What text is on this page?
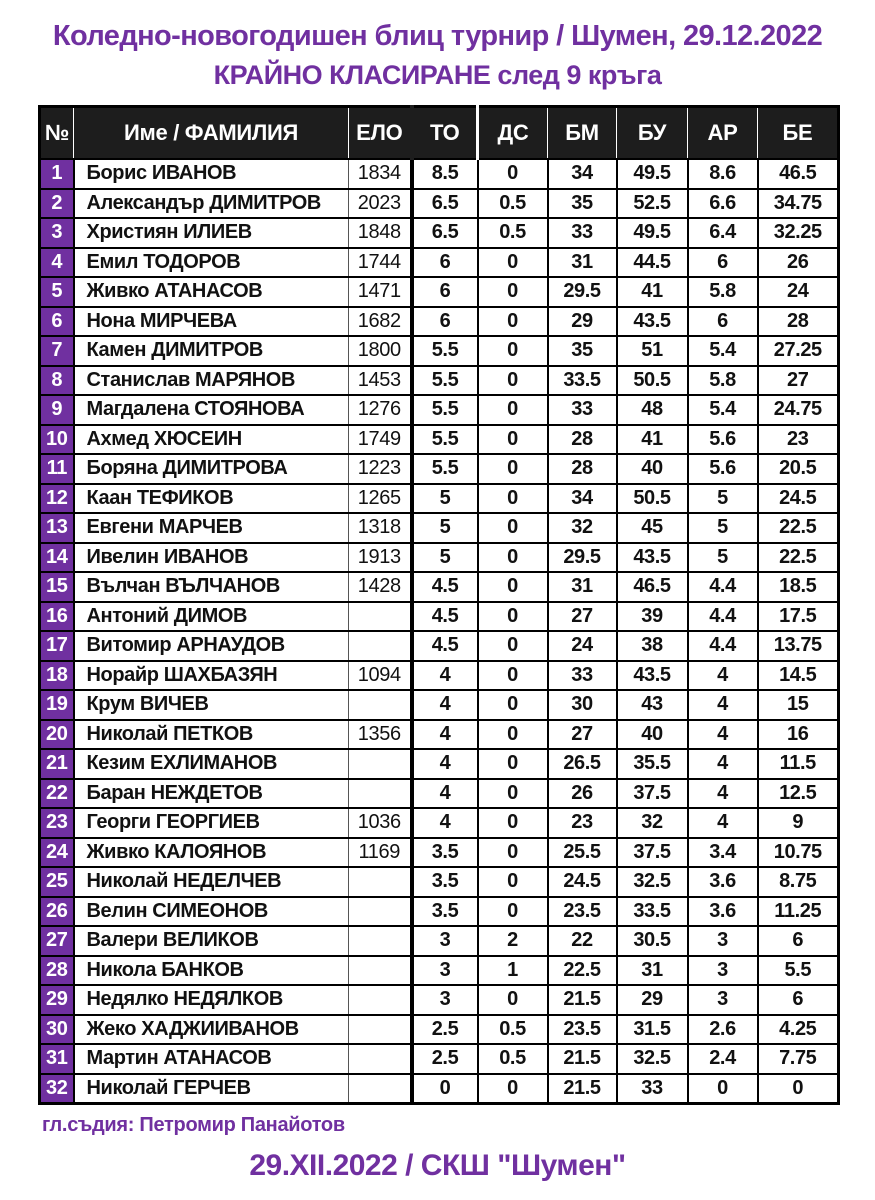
Коледно-новогодишен блиц турнир / Шумен, 29.12.2022
КРАЙНО КЛАСИРАНЕ след 9 кръга
№	Име / ФАМИЛИЯ	ЕЛО	ТО	ДС	БМ	БУ	АР	БЕ
1	Борис ИВАНОВ	1834	8.5	0	34	49.5	8.6	46.5
2	Александър ДИМИТРОВ	2023	6.5	0.5	35	52.5	6.6	34.75
3	Християн ИЛИЕВ	1848	6.5	0.5	33	49.5	6.4	32.25
4	Емил ТОДОРОВ	1744	6	0	31	44.5	6	26
5	Живко АТАНАСОВ	1471	6	0	29.5	41	5.8	24
6	Нона МИРЧЕВА	1682	6	0	29	43.5	6	28
7	Камен ДИМИТРОВ	1800	5.5	0	35	51	5.4	27.25
8	Станислав МАРЯНОВ	1453	5.5	0	33.5	50.5	5.8	27
9	Магдалена СТОЯНОВА	1276	5.5	0	33	48	5.4	24.75
10	Ахмед ХЮСЕИН	1749	5.5	0	28	41	5.6	23
11	Боряна ДИМИТРОВА	1223	5.5	0	28	40	5.6	20.5
12	Каан ТЕФИКОВ	1265	5	0	34	50.5	5	24.5
13	Евгени МАРЧЕВ	1318	5	0	32	45	5	22.5
14	Ивелин ИВАНОВ	1913	5	0	29.5	43.5	5	22.5
15	Вълчан ВЪЛЧАНОВ	1428	4.5	0	31	46.5	4.4	18.5
16	Антоний ДИМОВ		4.5	0	27	39	4.4	17.5
17	Витомир АРНАУДОВ		4.5	0	24	38	4.4	13.75
18	Норайр ШАХБАЗЯН	1094	4	0	33	43.5	4	14.5
19	Крум ВИЧЕВ		4	0	30	43	4	15
20	Николай ПЕТКОВ	1356	4	0	27	40	4	16
21	Кезим ЕХЛИМАНОВ		4	0	26.5	35.5	4	11.5
22	Баран НЕЖДЕТОВ		4	0	26	37.5	4	12.5
23	Георги ГЕОРГИЕВ	1036	4	0	23	32	4	9
24	Живко КАЛОЯНОВ	1169	3.5	0	25.5	37.5	3.4	10.75
25	Николай НЕДЕЛЧЕВ		3.5	0	24.5	32.5	3.6	8.75
26	Велин СИМЕОНОВ		3.5	0	23.5	33.5	3.6	11.25
27	Валери ВЕЛИКОВ		3	2	22	30.5	3	6
28	Никола БАНКОВ		3	1	22.5	31	3	5.5
29	Недялко НЕДЯЛКОВ		3	0	21.5	29	3	6
30	Жеко ХАДЖИИВАНОВ		2.5	0.5	23.5	31.5	2.6	4.25
31	Мартин АТАНАСОВ		2.5	0.5	21.5	32.5	2.4	7.75
32	Николай ГЕРЧЕВ		0	0	21.5	33	0	0
гл.съдия: Петромир Панайотов
29.XII.2022 / СКШ "Шумен"
